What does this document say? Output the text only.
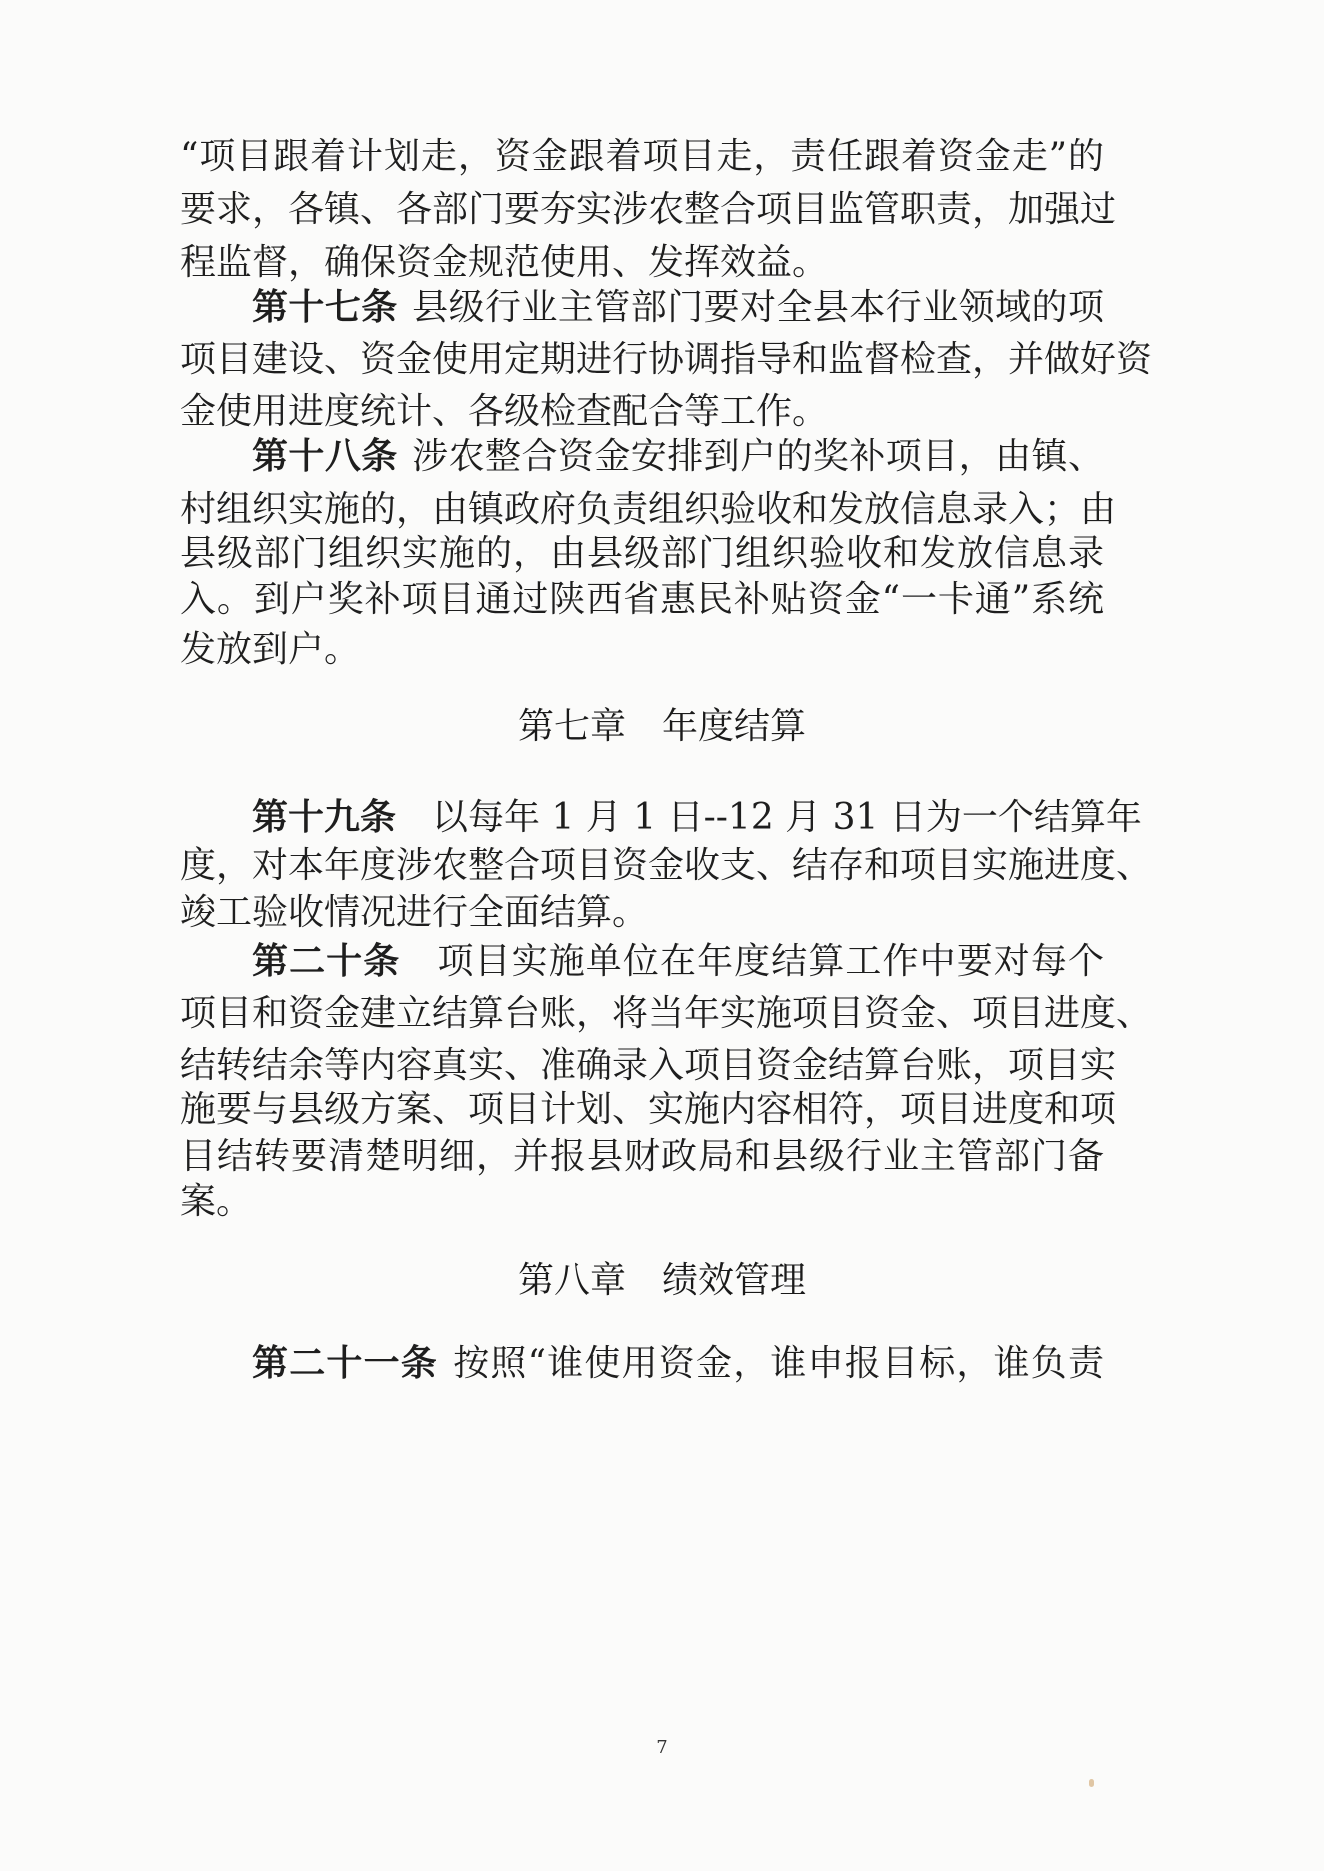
“项目跟着计划走，资金跟着项目走，责任跟着资金走”的
要求，各镇、各部门要夯实涉农整合项目监管职责，加强过
程监督，确保资金规范使用、发挥效益。
第十七条 县级行业主管部门要对全县本行业领域的项
项目建设、资金使用定期进行协调指导和监督检查，并做好资
金使用进度统计、各级检查配合等工作。
第十八条 涉农整合资金安排到户的奖补项目，由镇、
村组织实施的，由镇政府负责组织验收和发放信息录入；由
县级部门组织实施的，由县级部门组织验收和发放信息录
入。到户奖补项目通过陕西省惠民补贴资金“一卡通”系统
发放到户。
第七章 年度结算
第十九条 以每年 1 月 1 日--12 月 31 日为一个结算年
度，对本年度涉农整合项目资金收支、结存和项目实施进度、
竣工验收情况进行全面结算。
第二十条 项目实施单位在年度结算工作中要对每个
项目和资金建立结算台账，将当年实施项目资金、项目进度、
结转结余等内容真实、准确录入项目资金结算台账，项目实
施要与县级方案、项目计划、实施内容相符，项目进度和项
目结转要清楚明细，并报县财政局和县级行业主管部门备
案。
第八章 绩效管理
第二十一条 按照“谁使用资金，谁申报目标，谁负责
7
